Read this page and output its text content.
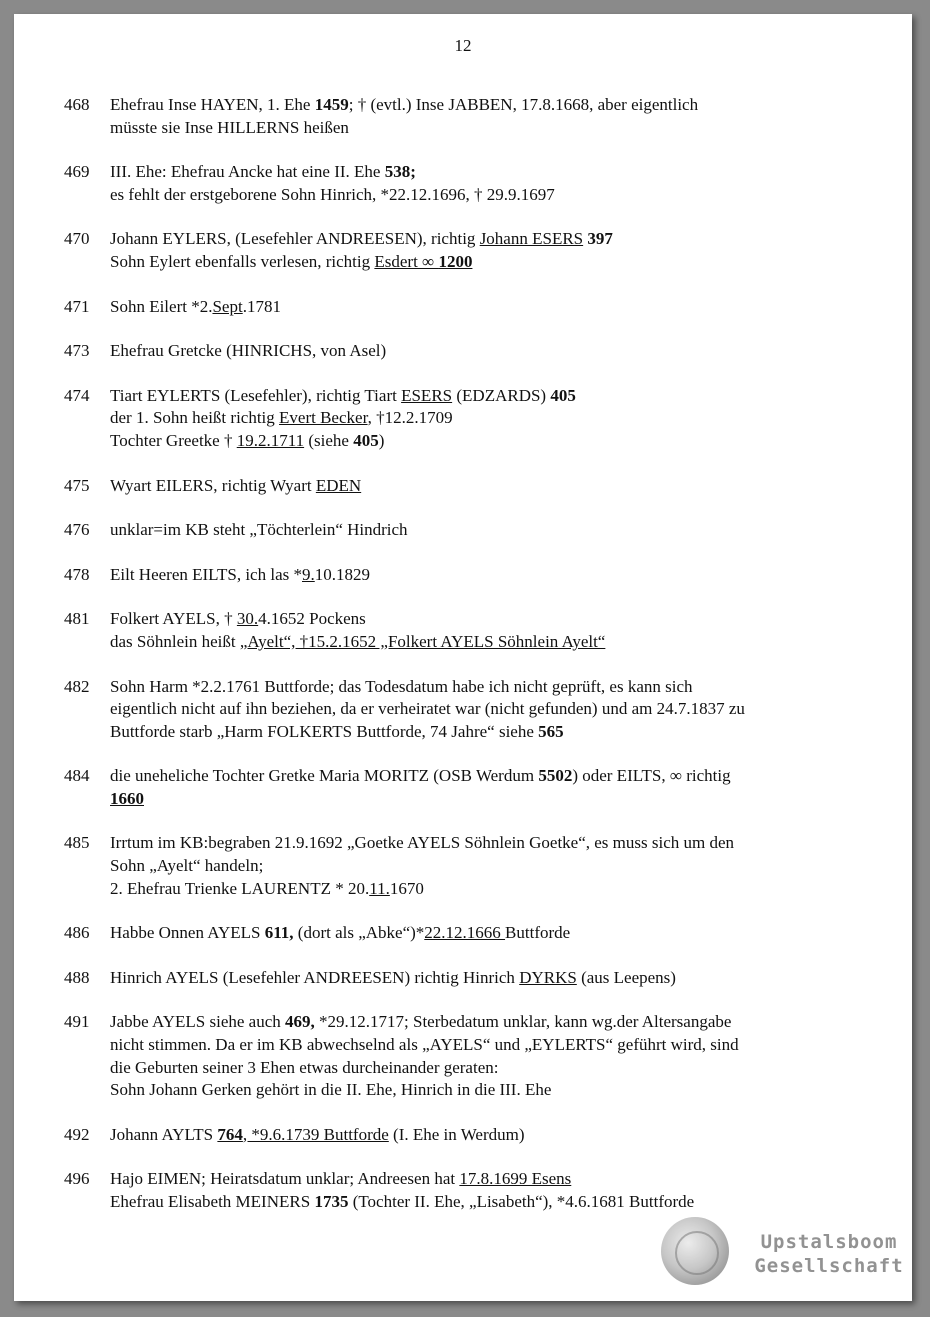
12
468	Ehefrau Inse HAYEN, 1. Ehe 1459; † (evtl.) Inse JABBEN, 17.8.1668, aber eigentlich
müsste sie Inse HILLERNS heißen
469	III. Ehe: Ehefrau Ancke hat eine II. Ehe 538;
es fehlt der erstgeborene Sohn Hinrich, *22.12.1696, † 29.9.1697
470	Johann EYLERS, (Lesefehler ANDREESEN), richtig Johann ESERS 397
Sohn Eylert ebenfalls verlesen, richtig Esdert ∞ 1200
471	Sohn Eilert *2.Sept.1781
473	Ehefrau Gretcke (HINRICHS, von Asel)
474	Tiart EYLERTS (Lesefehler), richtig Tiart ESERS (EDZARDS) 405
der 1. Sohn heißt richtig Evert Becker, †12.2.1709
Tochter Greetke † 19.2.1711 (siehe 405)
475	Wyart EILERS, richtig Wyart EDEN
476	unklar=im KB steht „Töchterlein“ Hindrich
478	Eilt Heeren EILTS, ich las *9.10.1829
481	Folkert AYELS, † 30.4.1652 Pockens
das Söhnlein heißt „Ayelt“, †15.2.1652 „Folkert AYELS Söhnlein Ayelt“
482	Sohn Harm *2.2.1761 Buttforde; das Todesdatum habe ich nicht geprüft, es kann sich
eigentlich nicht auf ihn beziehen, da er verheiratet war (nicht gefunden) und am 24.7.1837 zu
Buttforde starb „Harm FOLKERTS Buttforde, 74 Jahre“ siehe 565
484	die uneheliche Tochter Gretke Maria MORITZ (OSB Werdum 5502) oder EILTS, ∞ richtig
1660
485	Irrtum im KB:begraben 21.9.1692 „Goetke AYELS Söhnlein Goetke“, es muss sich um den
Sohn „Ayelt“ handeln;
2. Ehefrau Trienke LAURENTZ * 20.11.1670
486	Habbe Onnen AYELS 611, (dort als „Abke“)*22.12.1666 Buttforde
488	Hinrich AYELS (Lesefehler ANDREESEN) richtig Hinrich DYRKS (aus Leepens)
491	Jabbe AYELS siehe auch 469, *29.12.1717; Sterbedatum unklar, kann wg.der Altersangabe
nicht stimmen. Da er im KB abwechselnd als „AYELS“ und „EYLERTS“ geführt wird, sind
die Geburten seiner 3 Ehen etwas durcheinander geraten:
Sohn Johann Gerken gehört in die II. Ehe, Hinrich in die III. Ehe
492	Johann AYLTS 764, *9.6.1739 Buttforde (I. Ehe in Werdum)
496	Hajo EIMEN; Heiratsdatum unklar; Andreesen hat 17.8.1699 Esens
Ehefrau Elisabeth MEINERS 1735 (Tochter II. Ehe, „Lisabeth“), *4.6.1681 Buttforde
Upstalsboom
Gesellschaft
